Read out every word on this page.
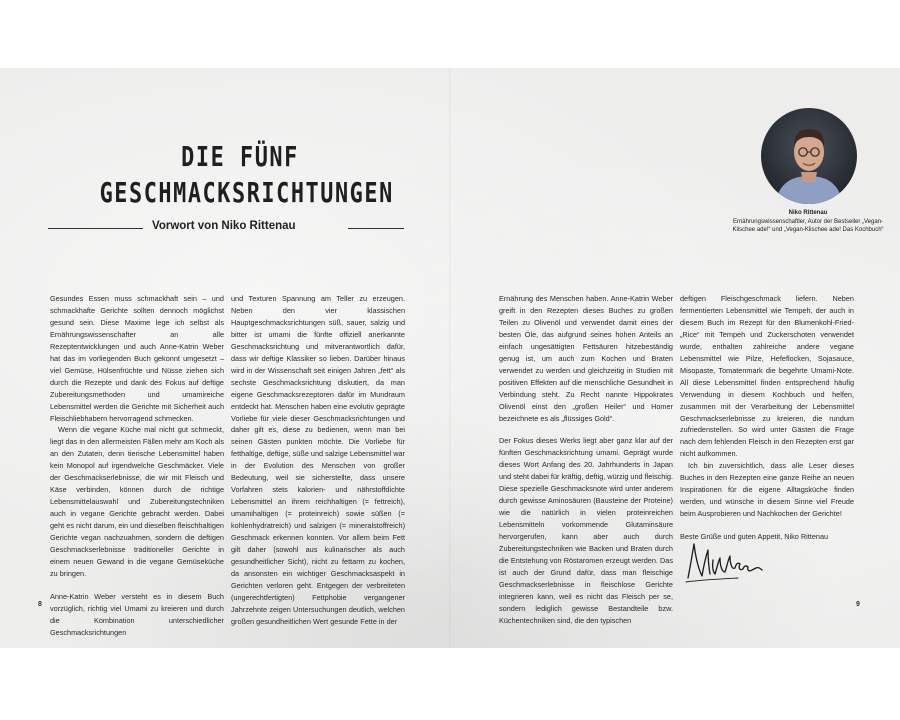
DIE FÜNF
GESCHMACKSRICHTUNGEN
Vorwort von Niko Rittenau

Gesundes Essen muss schmackhaft sein – und schmackhafte Gerichte sollten dennoch möglichst gesund sein. Diese Maxime lege ich selbst als Ernährungswissenschafter an alle Rezeptentwicklungen und auch Anne-Katrin Weber hat das im vorliegenden Buch gekonnt umgesetzt – viel Gemüse, Hülsenfrüchte und Nüsse ziehen sich durch die Rezepte und dank des Fokus auf deftige Zubereitungsmethoden und umamireiche Lebensmittel werden die Gerichte mit Sicherheit auch Fleischliebhabern hervorragend schmecken.

Wenn die vegane Küche mal nicht gut schmeckt, liegt das in den allermeisten Fällen mehr am Koch als an den Zutaten, denn tierische Lebensmittel haben kein Monopol auf irgendwelche Geschmäcker. Viele der Geschmackserlebnisse, die wir mit Fleisch und Käse verbinden, können durch die richtige Lebensmittelauswahl und Zubereitungstechniken auch in vegane Gerichte gebracht werden. Dabei geht es nicht darum, ein und dieselben fleischhaltigen Gerichte vegan nachzuahmen, sondern die deftigen Geschmackserlebnisse traditioneller Gerichte in einem neuen Gewand in die vegane Gemüseküche zu bringen.

Anne-Katrin Weber versteht es in diesem Buch vorzüglich, richtig viel Umami zu kreieren und durch die Kombination unterschiedlicher Geschmacksrichtungen

und Texturen Spannung am Teller zu erzeugen. Neben den vier klassischen Hauptgeschmacksrichtungen süß, sauer, salzig und bitter ist umami die fünfte offiziell anerkannte Geschmacksrichtung und mitverantwortlich dafür, dass wir deftige Klassiker so lieben. Darüber hinaus wird in der Wissenschaft seit einigen Jahren „fett“ als sechste Geschmacksrichtung diskutiert, da man eigene Geschmacksrezeptoren dafür im Mundraum entdeckt hat. Menschen haben eine evolutiv geprägte Vorliebe für viele dieser Geschmacksrichtungen und daher gilt es, diese zu bedienen, wenn man bei seinen Gästen punkten möchte. Die Vorliebe für fetthaltige, deftige, süße und salzige Lebensmittel war in der Evolution des Menschen von großer Bedeutung, weil sie sicherstellte, dass unsere Vorfahren stets kalorien- und nährstoffdichte Lebensmittel an ihrem reichhaltigen (= fettreich), umamihaltigen (= proteinreich) sowie süßen (= kohlenhydratreich) und salzigen (= mineralstoffreich) Geschmack erkennen konnten. Vor allem beim Fett gilt daher (sowohl aus kulinarischer als auch gesundheitlicher Sicht), nicht zu fettarm zu kochen, da ansonsten ein wichtiger Geschmacksaspekt in Gerichten verloren geht. Entgegen der verbreiteten (ungerechtfertigten) Fettphobie vergangener Jahrzehnte zeigen Untersuchungen deutlich, welchen großen gesundheitlichen Wert gesunde Fette in der

Ernährung des Menschen haben. Anne-Katrin Weber greift in den Rezepten dieses Buches zu großen Teilen zu Olivenöl und verwendet damit eines der besten Öle, das aufgrund seines hohen Anteils an einfach ungesättigten Fettsäuren hitzebeständig genug ist, um auch zum Kochen und Braten verwendet zu werden und gleichzeitig in Studien mit positiven Effekten auf die menschliche Gesundheit in Verbindung steht. Zu Recht nannte Hippokrates Olivenöl einst den „großen Heiler“ und Homer bezeichnete es als „flüssiges Gold“.

Der Fokus dieses Werks liegt aber ganz klar auf der fünften Geschmacksrichtung umami. Geprägt wurde dieses Wort Anfang des 20. Jahrhunderts in Japan und steht dabei für kräftig, deftig, würzig und fleischig. Diese spezielle Geschmacksnote wird unter anderem durch gewisse Aminosäuren (Bausteine der Proteine) wie die natürlich in vielen proteinreichen Lebensmitteln vorkommende Glutaminsäure hervorgerufen, kann aber auch durch Zubereitungstechniken wie Backen und Braten durch die Entstehung von Röstaromen erzeugt werden. Das ist auch der Grund dafür, dass man fleischige Geschmackserlebnisse in fleischlose Gerichte integrieren kann, weil es nicht das Fleisch per se, sondern lediglich gewisse Bestandteile bzw. Küchentechniken sind, die den typischen

deftigen Fleischgeschmack liefern. Neben fermentierten Lebensmittel wie Tempeh, der auch in diesem Buch im Rezept für den Blumenkohl-Fried-„Rice“ mit Tempeh und Zuckerschoten verwendet wurde, enthalten zahlreiche andere vegane Lebensmittel wie Pilze, Hefeflocken, Sojasauce, Misopaste, Tomatenmark die begehrte Umami-Note. All diese Lebensmittel finden entsprechend häufig Verwendung in diesem Kochbuch und helfen, zusammen mit der Verarbeitung der Lebensmittel Geschmackserlebnisse zu kreieren, die rundum zufriedenstellen. So wird unter Gästen die Frage nach dem fehlenden Fleisch in den Rezepten erst gar nicht aufkommen.

Ich bin zuversichtlich, dass alle Leser dieses Buches in den Rezepten eine ganze Reihe an neuen Inspirationen für die eigene Alltagsküche finden werden, und wünsche in diesem Sinne viel Freude beim Ausprobieren und Nachkochen der Gerichte!

Beste Grüße und guten Appetit, Niko Rittenau

Niko Rittenau
Ernährungswissenschaftler, Autor der Bestseller „Vegan-Klischee ade!“ und „Vegan-Klischee ade! Das Kochbuch“
8	9
